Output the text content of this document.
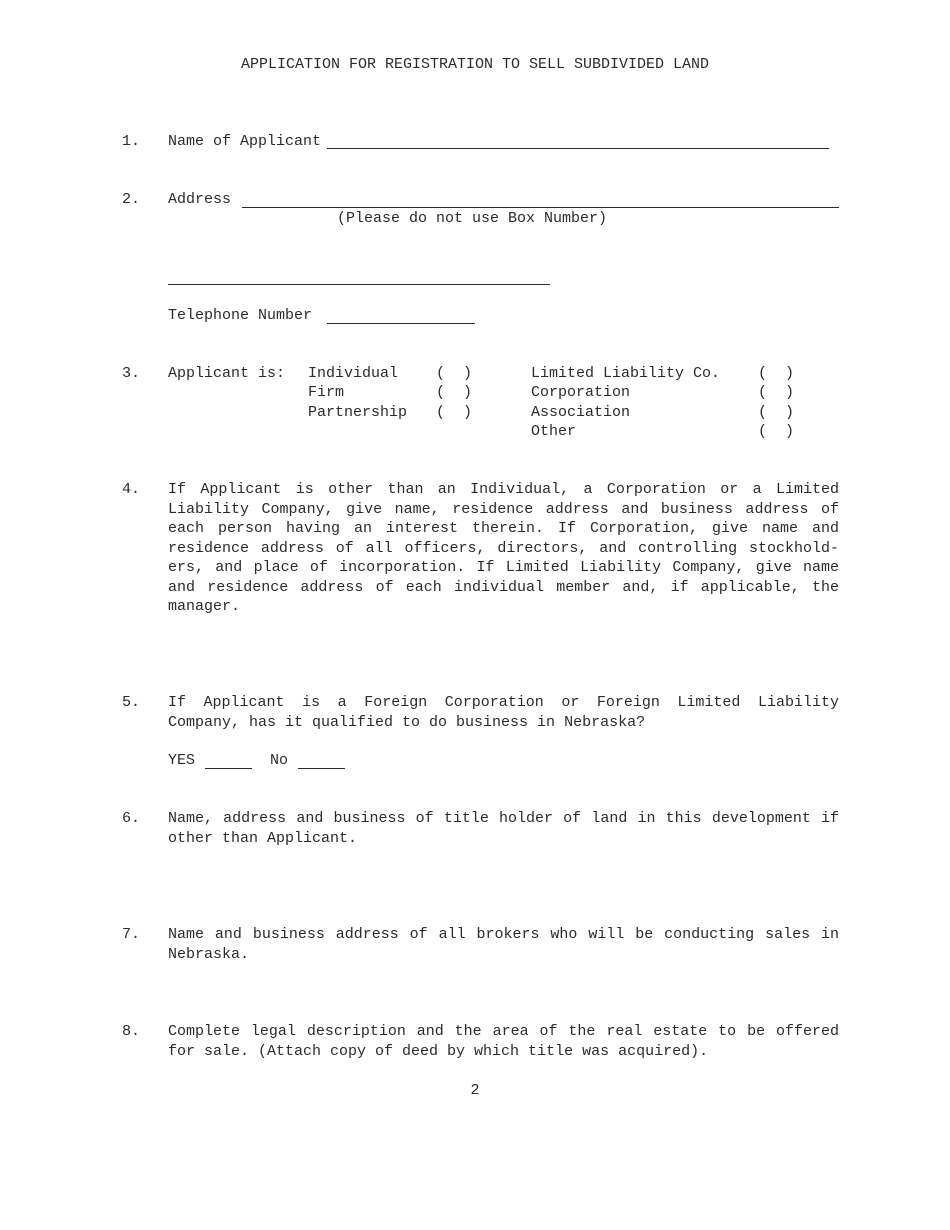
APPLICATION FOR REGISTRATION TO SELL SUBDIVIDED LAND
1. Name of Applicant
2. Address
(Please do not use Box Number)
Telephone Number
3. Applicant is: Individual	(  )
Firm	(  )
Partnership (  )
Limited Liability Co.	(  )
Corporation	(  )
Association	(  )
Other	(  )
4. If Applicant is other than an Individual, a Corporation or a Limited
Liability Company, give name, residence address and business address of
each person having an interest therein. If Corporation, give name and
residence address of all officers, directors, and controlling stockhold-
ers, and place of incorporation. If Limited Liability Company, give name
and residence address of each individual member and, if applicable, the
manager.
5. If Applicant is a Foreign Corporation or Foreign Limited Liability
Company, has it qualified to do business in Nebraska?
YES	No
6. Name, address and business of title holder of land in this development if
other than Applicant.
7. Name and business address of all brokers who will be conducting sales in
Nebraska.
8. Complete legal description and the area of the real estate to be offered
for sale. (Attach copy of deed by which title was acquired).
2
